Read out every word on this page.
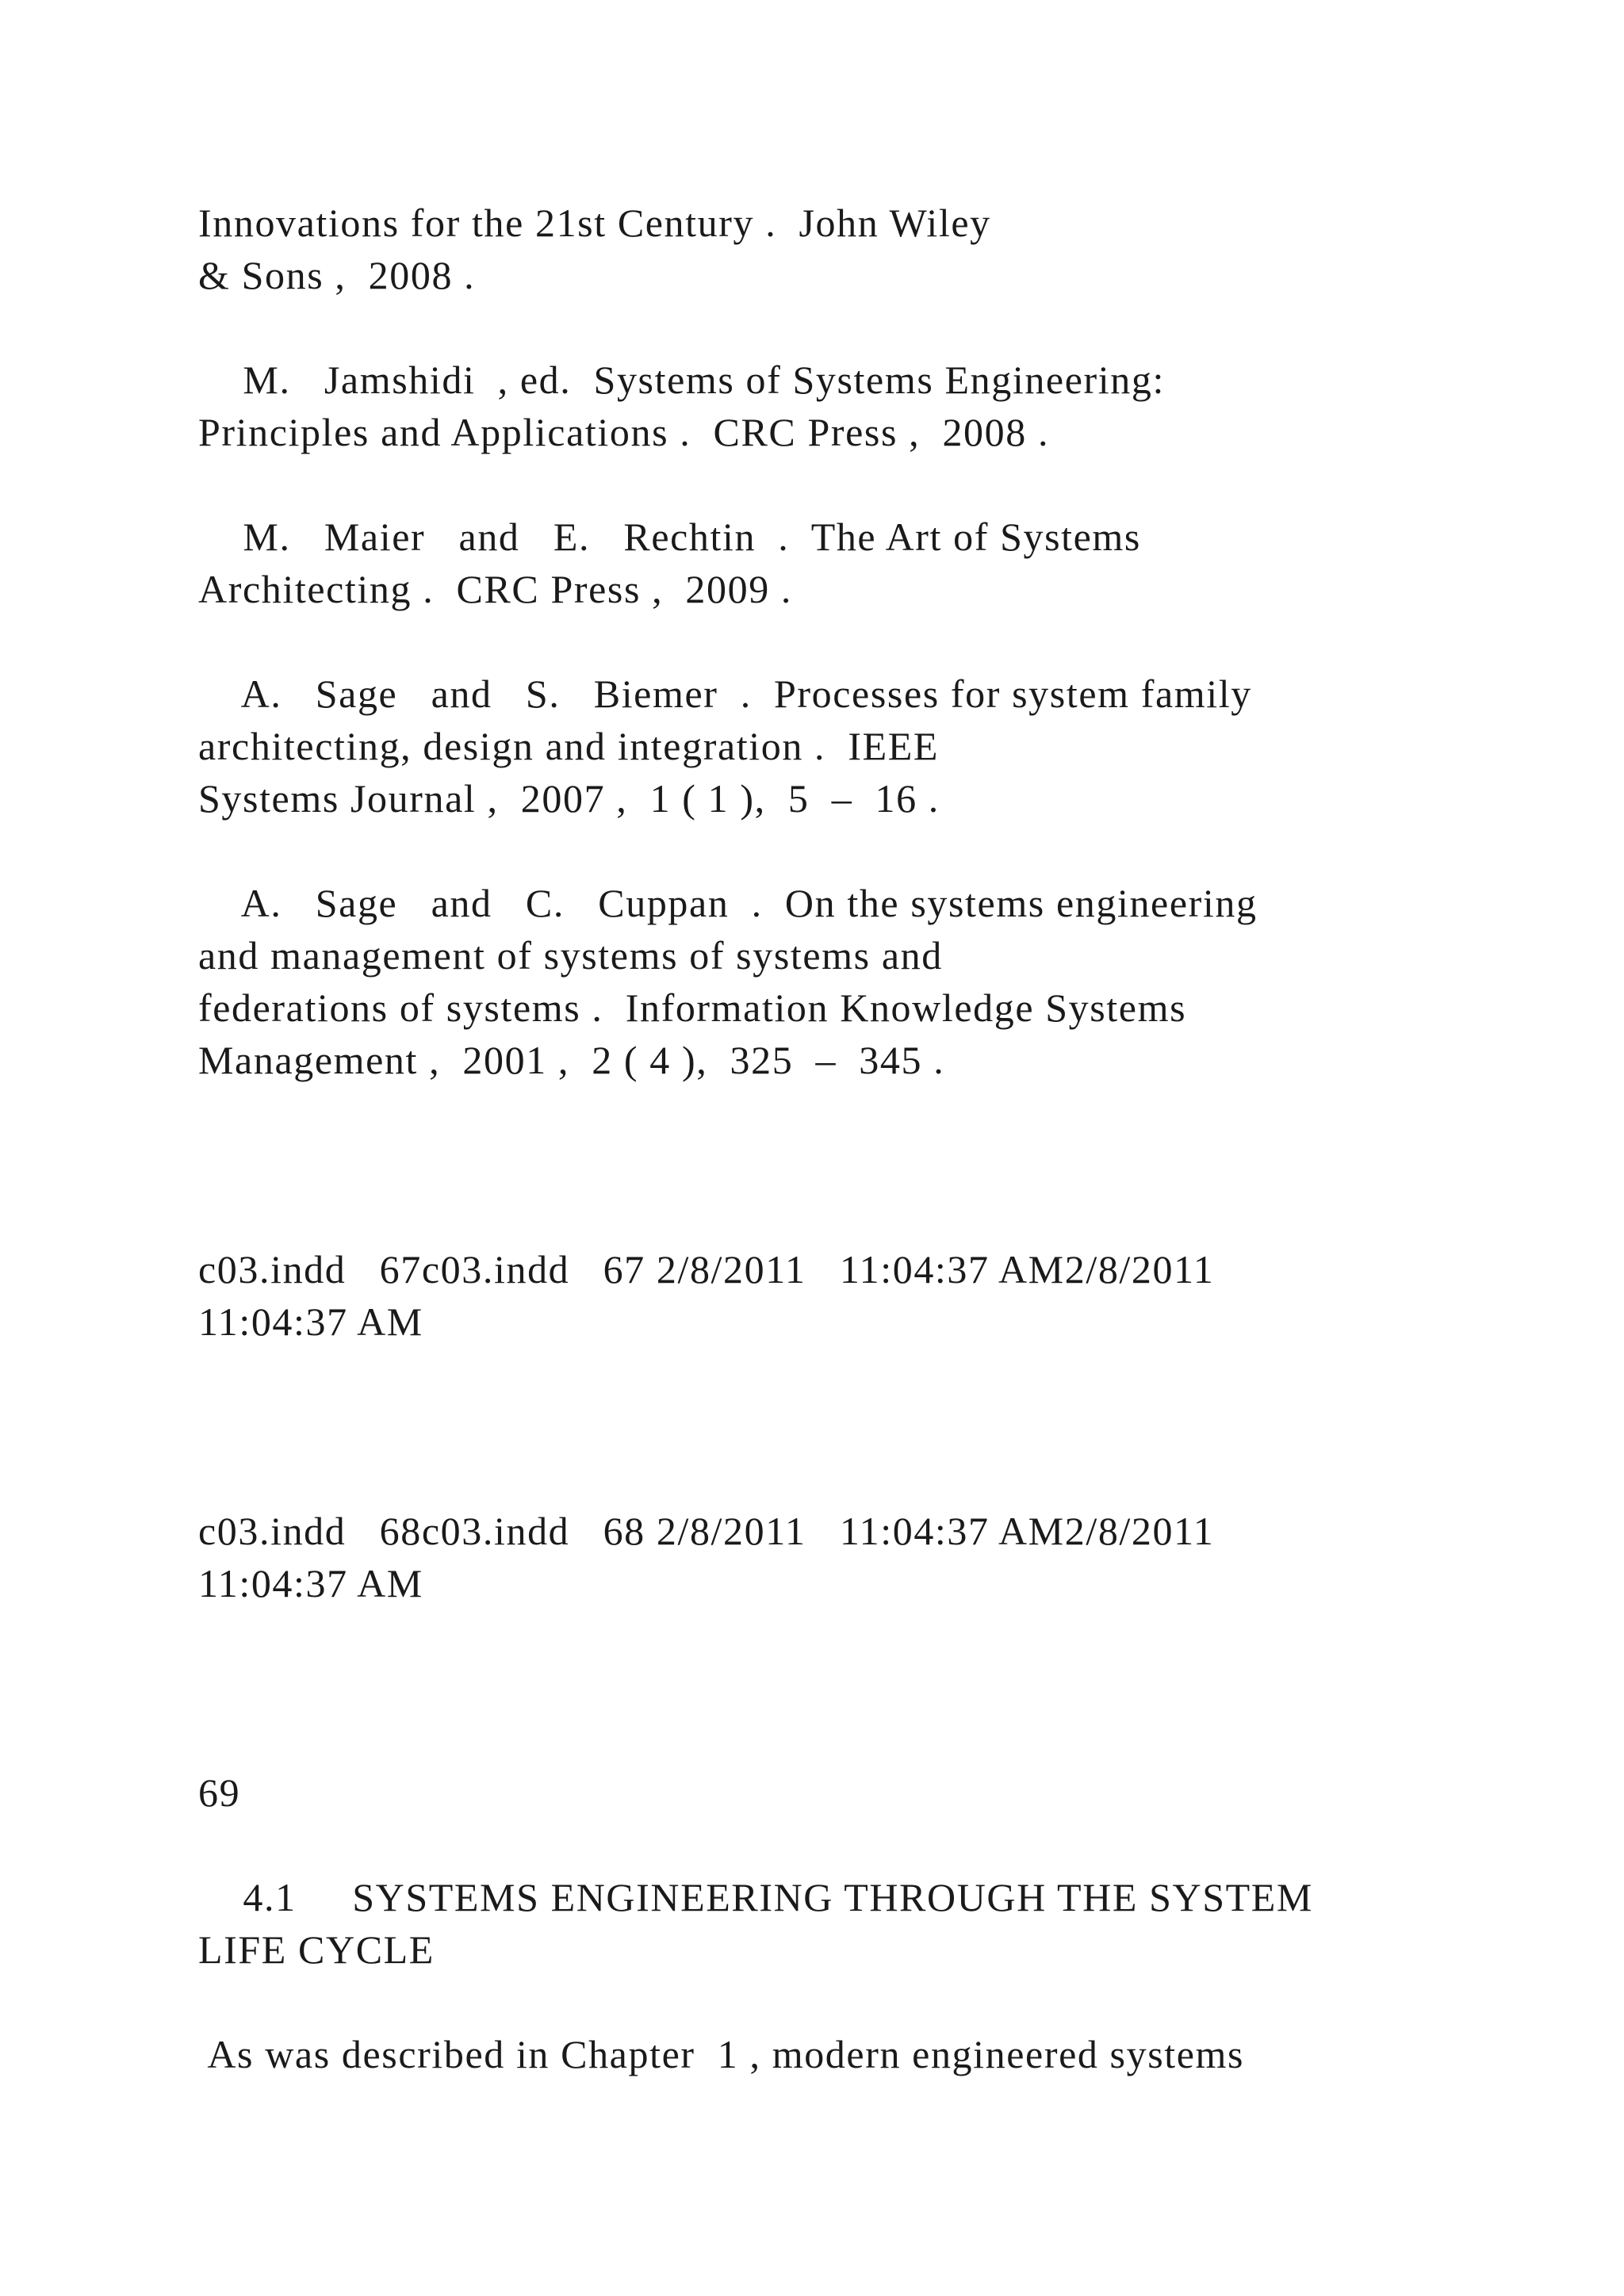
Innovations for the 21st Century .  John Wiley

& Sons ,  2008 .

M.   Jamshidi  , ed.  Systems of Systems Engineering:

Principles and Applications .  CRC Press ,  2008 .

M.   Maier   and   E.   Rechtin  .  The Art of Systems

Architecting .  CRC Press ,  2009 .

A.   Sage   and   S.   Biemer  .  Processes for system family

architecting, design and integration .  IEEE

Systems Journal ,  2007 ,  1 ( 1 ),  5  –  16 .

A.   Sage   and   C.   Cuppan  .  On the systems engineering

and management of systems of systems and

federations of systems .  Information Knowledge Systems

Management ,  2001 ,  2 ( 4 ),  325  –  345 .

c03.indd   67c03.indd   67 2/8/2011   11:04:37 AM2/8/2011

11:04:37 AM

c03.indd   68c03.indd   68 2/8/2011   11:04:37 AM2/8/2011

11:04:37 AM

69

4.1     SYSTEMS ENGINEERING THROUGH THE SYSTEM

LIFE CYCLE

As was described in Chapter  1 , modern engineered systems
